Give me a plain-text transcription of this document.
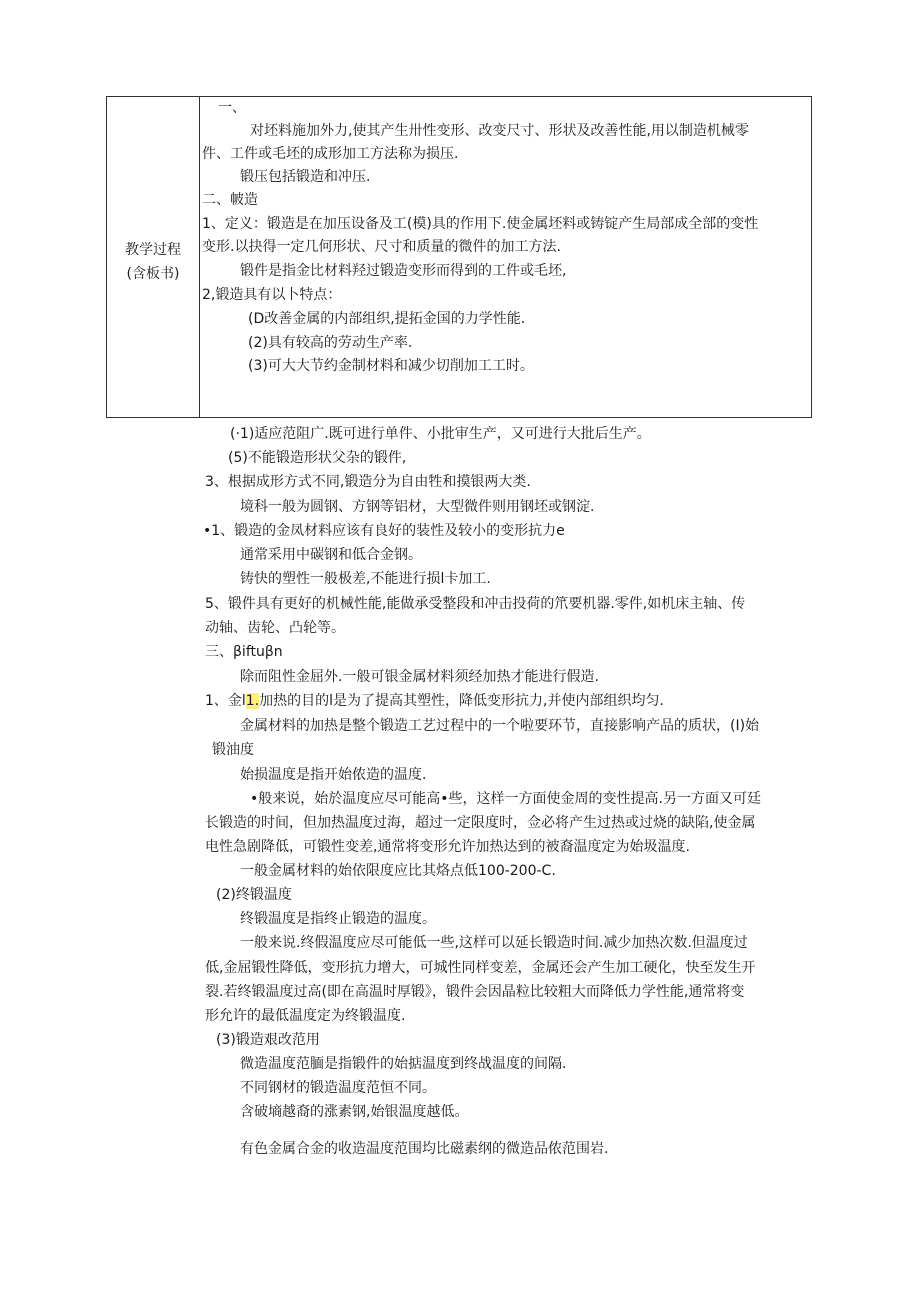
教学过程
(含板书)
一、
对坯料施加外力,使其产生卅性变形、改变尺寸、形状及改善性能,用以制造机械零
件、工件或毛坯的成形加工方法称为损压.
锻压包括锻造和冲压.
二、帔造
1、定义：锻造是在加压设备及工(模)具的作用下.使金属坯料或铸锭产生局部成全部的变性
变形.以抉得一定几何形状、尺寸和质量的微件的加工方法.
锻件是指金比材料羟过锻造变形而得到的工件或毛坯,
2,锻造具有以卜特点：
(D改善金属的内部组织,提拓金国的力学性能.
(2)具有较高的劳动生产率.
(3)可大大节约金制材料和减少切削加工工时。
(·1)适应范阻广.既可进行单件、小批审生产，又可进行大批后生产。
(5)不能锻造形状父杂的锻件,
3、根据成形方式不同,锻造分为自由牲和摸银两大类.
境科一般为圆钢、方钢等铝材，大型微件则用钢坯或钢淀.
•1、锻造的金凤材料应该有良好的装性及较小的变形抗力e
通常采用中碳钢和低合金钢。
铸快的塑性一般极差,不能进行损l卡加工.
5、锻件具有更好的机械性能,能做承受整段和冲击投荷的笊要机器.零件,如机床主轴、传
动轴、齿轮、凸轮等。
三、βiftuβn
除而阻性金屈外.一般可银金属材料须经加热才能进行假造.
1、金l1.加热的目的l是为了提高其塑性，降低变形抗力,并使内部组织均匀.
金属材料的加热是整个锻造工艺过程中的一个啦要环节，直接影响产品的质状，(I)始
锻油度
始损温度是指开始侬造的温度.
•般来说，始於温度应尽可能高•些，这样一方面使金周的变性提高.另一方面又可廷
长锻造的时间，但加热温度过海，超过一定限度时，佥必将产生过热或过烧的缺陷,使金属
电性急剧降低，可锻性变差,通常将变形允许加热达到的被裔温度定为始圾温度.
一般金属材料的始依限度应比其烙点低100-200-C.
(2)终锻温度
终锻温度是指终止锻造的温度。
一般来说.终假温度应尽可能低一些,这样可以延长锻造时间.减少加热次数.但温度过
低,金屈锻性降低，变形抗力增大，可城性同样变差，金属还会产生加工硬化，快至发生开
裂.若终锻温度过高(即在高温时厚锻》，锻件会因晶粒比较粗大而降低力学性能,通常将变
形允许的最低温度定为终锻温度.
(3)锻造艰改范用
微造温度范腼是指锻件的始掂温度到终战温度的间隔.
不同钢材的锻造温度范恒不同。
含破墒越裔的涨素钢,始银温度越低。
有色金属合金的收造温度范围均比磁素纲的微造品侬范围岩.
